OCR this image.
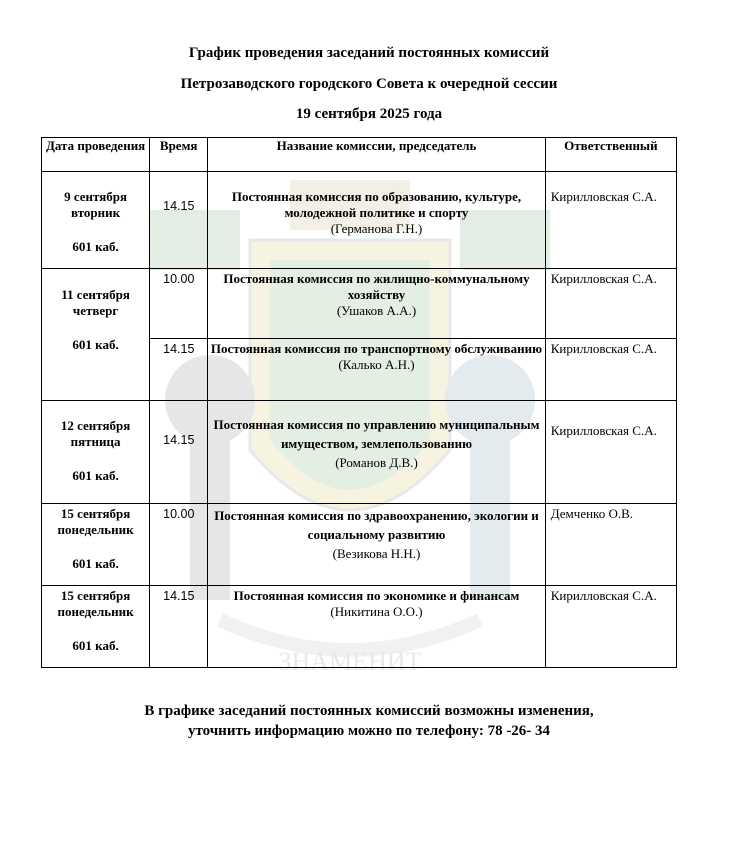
ЗНАМЕНИТ
График проведения заседаний постоянных комиссий
Петрозаводского городского Совета к очередной сессии
19 сентября 2025 года
Дата проведения	Время	Название комиссии, председатель	Ответственный
9 сентября
вторник
601 каб.	14.15	Постоянная комиссия по образованию, культуре, молодежной политике и спорту
(Германова Г.Н.)	Кирилловская С.А.
11 сентября
четверг
601 каб.	10.00	Постоянная комиссия по жилищно-коммунальному хозяйству
(Ушаков А.А.)	Кирилловская С.А.
	14.15	Постоянная комиссия по транспортному обслуживанию
(Калько А.Н.)	Кирилловская С.А.
12 сентября
пятница
601 каб.	14.15	Постоянная комиссия по управлению муниципальным имуществом, землепользованию
(Романов Д.В.)	Кирилловская С.А.
15 сентября
понедельник
601 каб.	10.00	Постоянная комиссия по здравоохранению, экологии и социальному развитию
(Везикова Н.Н.)	Демченко О.В.
15 сентября
понедельник
601 каб.	14.15	Постоянная комиссия по экономике и финансам
(Никитина О.О.)	Кирилловская С.А.
В графике заседаний постоянных комиссий возможны изменения,
уточнить информацию можно по телефону: 78 -26- 34
